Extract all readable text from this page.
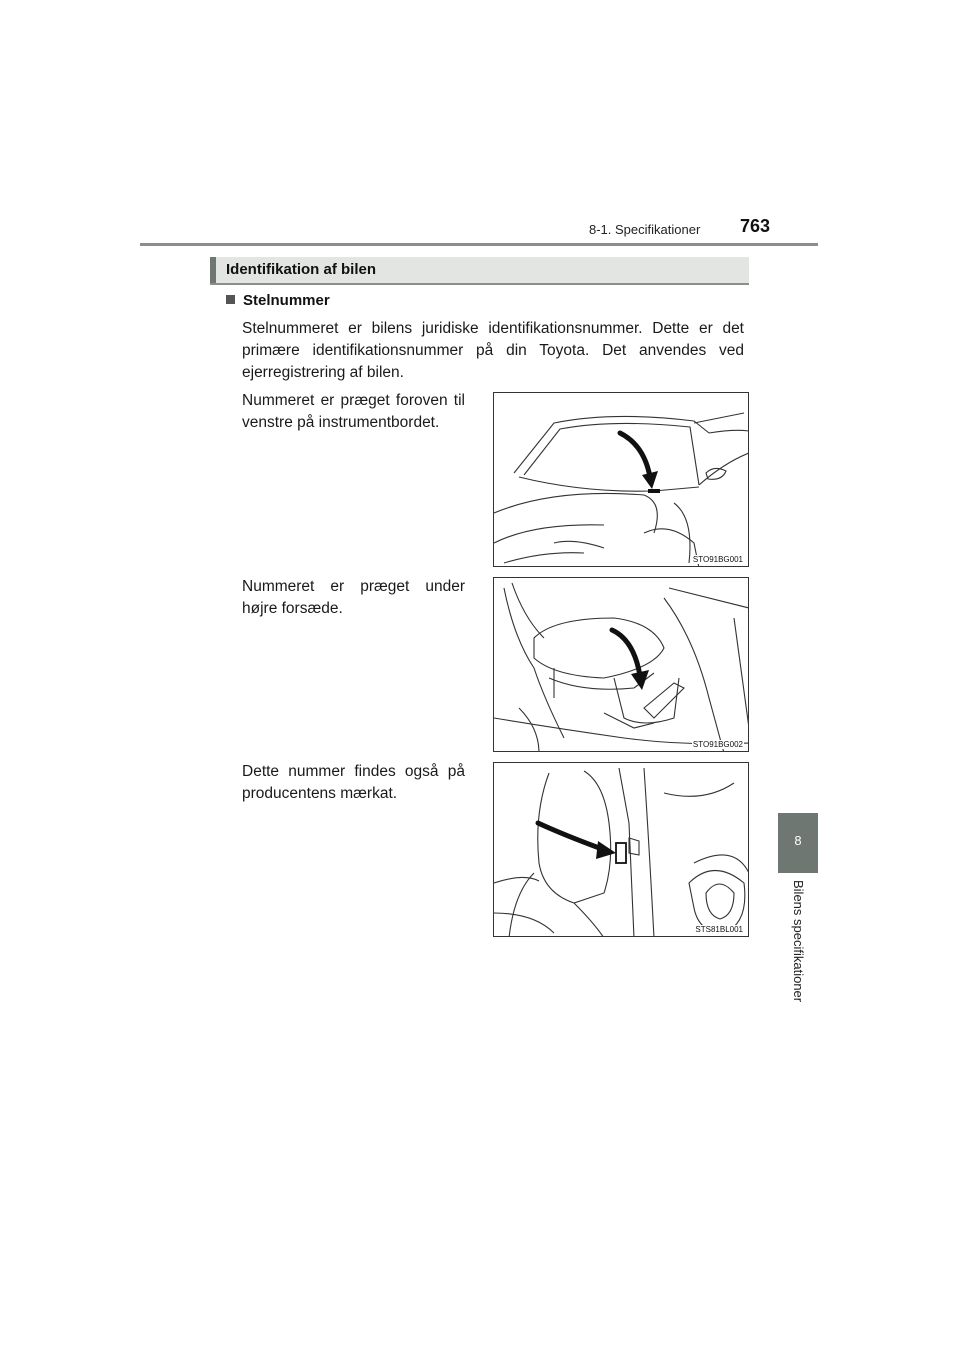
8-1. Specifikationer 763
8
Bilens specifikationer
Identifikation af bilen
Stelnummer
Stelnummeret er bilens juridiske identifikationsnummer. Dette er det primære identifikationsnummer på din Toyota. Det anvendes ved ejerregistrering af bilen.
Nummeret er præget foroven til venstre på instrumentbordet.
Nummeret er præget under højre forsæde.
Dette nummer findes også på producentens mærkat.
STO91BG001
STO91BG002
STS81BL001
